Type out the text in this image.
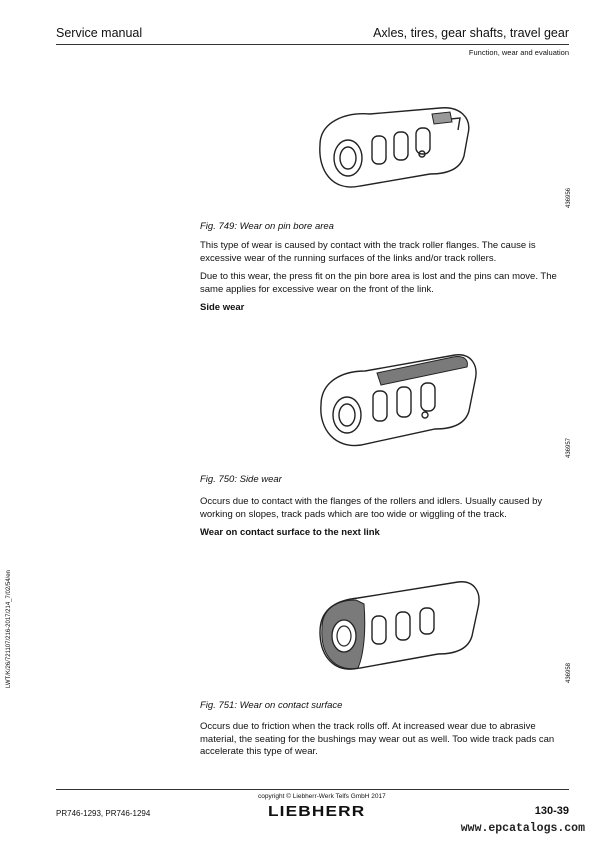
Service manual	Axles, tires, gear shafts, travel gear
Function, wear and evaluation
LWT/K/26/721107/216-2017/214_7/02/54/en
436956
Fig. 749: Wear on pin bore area
This type of wear is caused by contact with the track roller flanges. The cause is excessive wear of the running surfaces of the links and/or track rollers.
Due to this wear, the press fit on the pin bore area is lost and the pins can move. The same applies for excessive wear on the front of the link.
Side wear
436957
Fig. 750: Side wear
Occurs due to contact with the flanges of the rollers and idlers. Usually caused by working on slopes, track pads which are too wide or wiggling of the track.
Wear on contact surface to the next link
436958
Fig. 751: Wear on contact surface
Occurs due to friction when the track rolls off. At increased wear due to abrasive material, the seating for the bushings may wear out as well. Too wide track pads can accelerate this type of wear.
copyright © Liebherr-Werk Telfs GmbH 2017
PR746-1293, PR746-1294	LIEBHERR	130-39
www.epcatalogs.com
